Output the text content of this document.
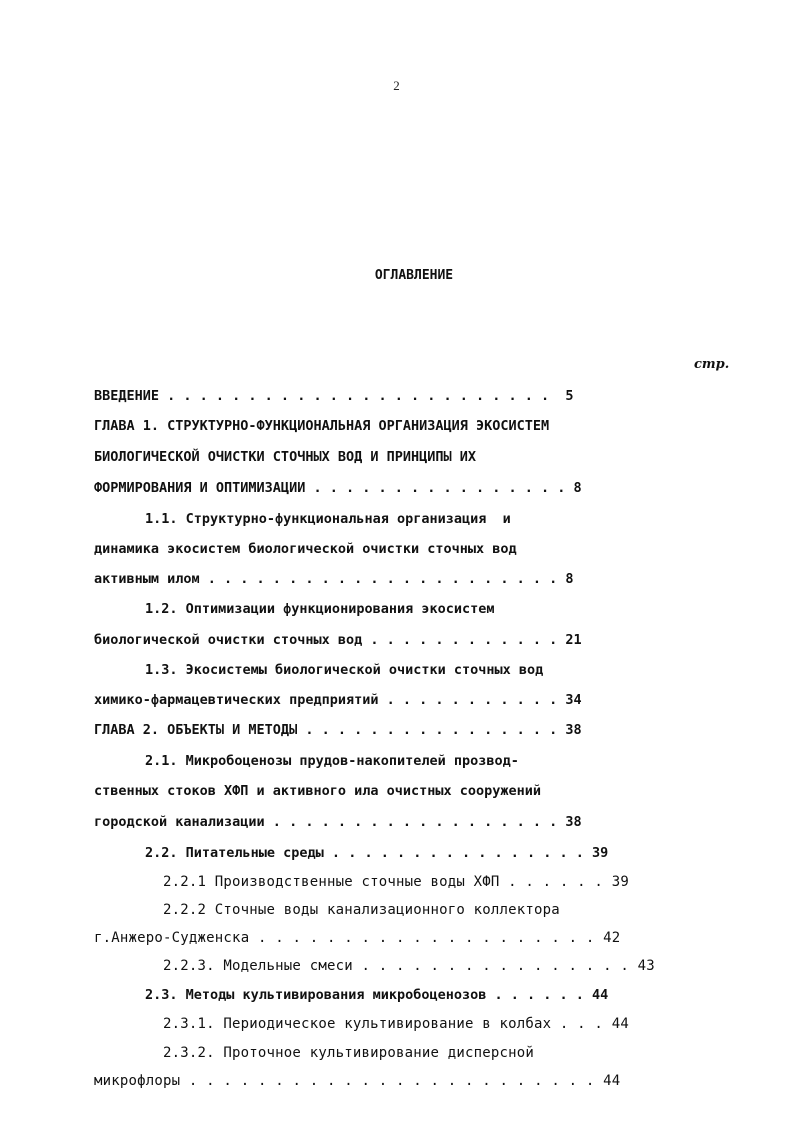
2
ОГЛАВЛЕНИЕ
стр.
ВВЕДЕНИЕ . . . . . . . . . . . . . . . . . . . . . . . .  5
ГЛАВА 1. СТРУКТУРНО-ФУНКЦИОНАЛЬНАЯ ОРГАНИЗАЦИЯ ЭКОСИСТЕМ
БИОЛОГИЧЕСКОЙ ОЧИСТКИ СТОЧНЫХ ВОД И ПРИНЦИПЫ ИХ
ФОРМИРОВАНИЯ И ОПТИМИЗАЦИИ . . . . . . . . . . . . . . . . 8
1.1. Структурно-функциональная организация  и
динамика экосистем биологической очистки сточных вод
активным илом . . . . . . . . . . . . . . . . . . . . . . 8
1.2. Оптимизации функционирования экосистем
биологической очистки сточных вод . . . . . . . . . . . . 21
1.3. Экосистемы биологической очистки сточных вод
химико-фармацевтических предприятий . . . . . . . . . . . 34
ГЛАВА 2. ОБЪЕКТЫ И МЕТОДЫ . . . . . . . . . . . . . . . . 38
2.1. Микробоценозы прудов-накопителей прозвод-
ственных стоков ХФП и активного ила очистных сооружений
городской канализации . . . . . . . . . . . . . . . . . . 38
2.2. Питательные среды . . . . . . . . . . . . . . . . 39
2.2.1 Производственные сточные воды ХФП . . . . . . 39
2.2.2 Сточные воды канализационного коллектора
г.Анжеро-Судженска . . . . . . . . . . . . . . . . . . . . 42
2.2.3. Модельные смеси . . . . . . . . . . . . . . . . 43
2.3. Методы культивирования микробоценозов . . . . . . 44
2.3.1. Периодическое культивирование в колбах . . . 44
2.3.2. Проточное культивирование дисперсной
микрофлоры . . . . . . . . . . . . . . . . . . . . . . . . 44
